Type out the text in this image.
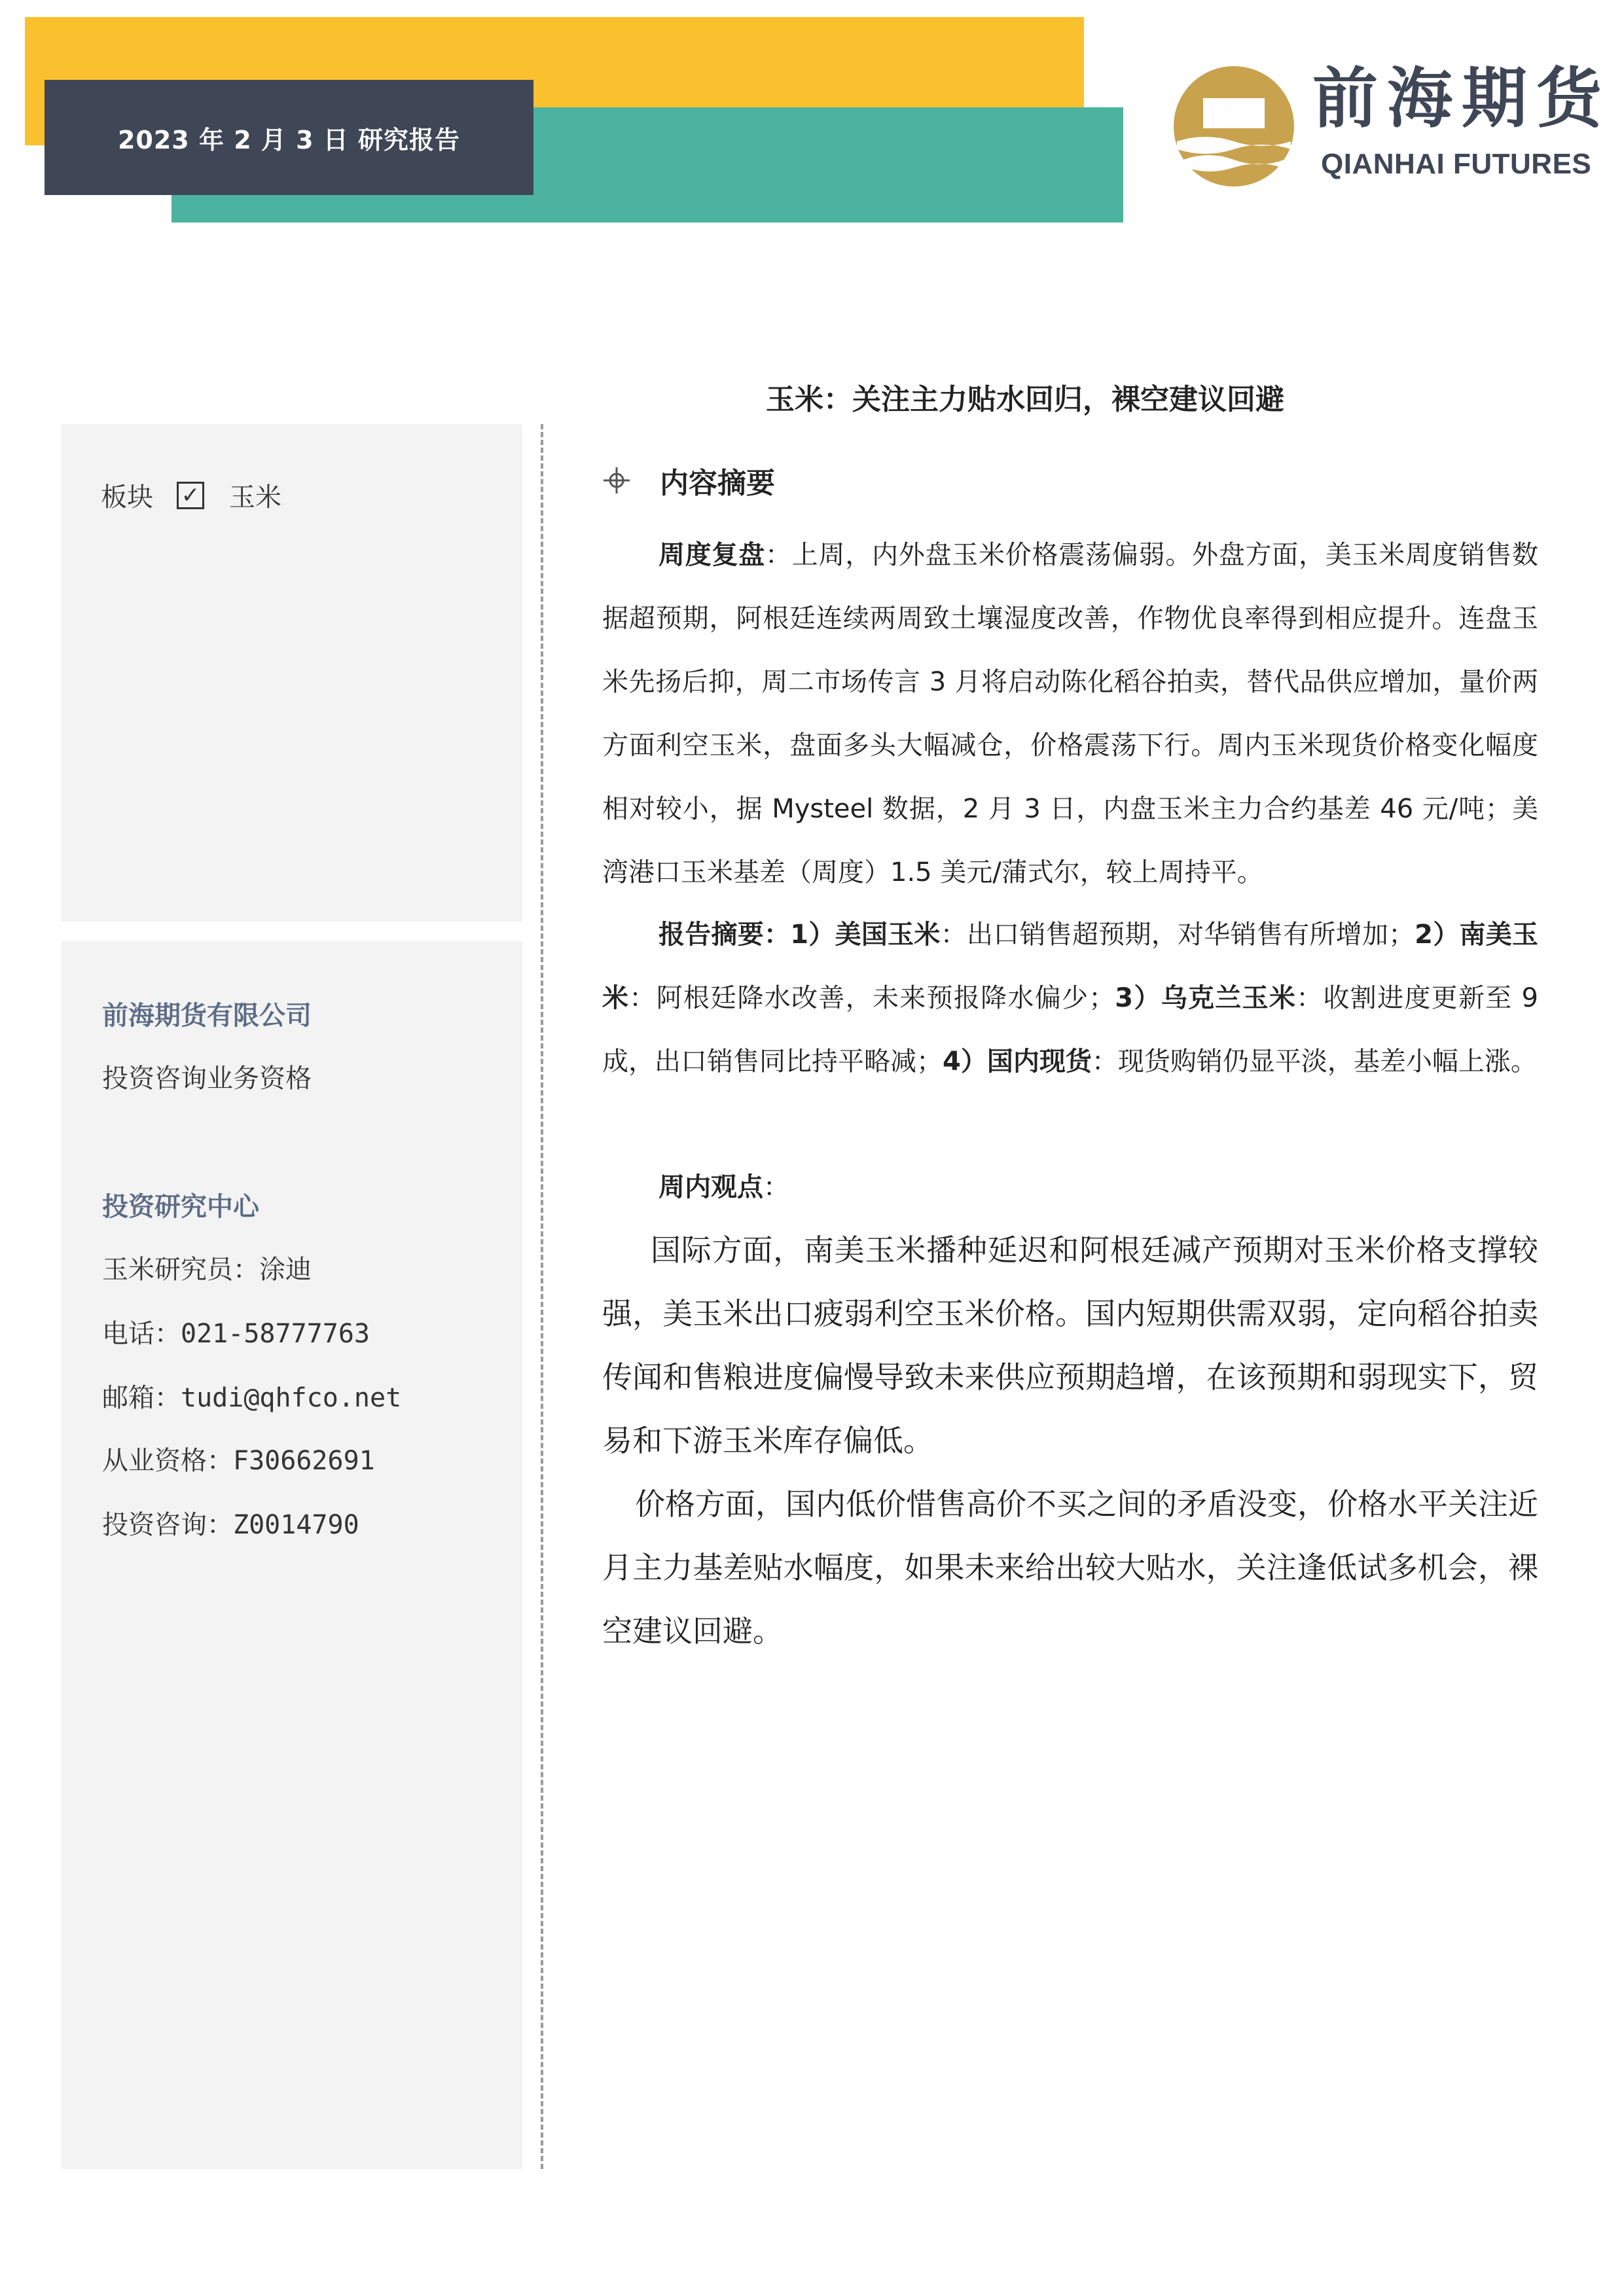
2023 年 2 月 3 日 研究报告
前海期货
QIANHAI FUTURES
玉米：关注主力贴水回归，裸空建议回避
板块 ✓ 玉米
前海期货有限公司
投资咨询业务资格
投资研究中心
玉米研究员：涂迪
电话：021-58777763
邮箱：tudi@qhfco.net
从业资格：F30662691
投资咨询：Z0014790
内容摘要

周度复盘：上周，内外盘玉米价格震荡偏弱。外盘方面，美玉米周度销售数据超预期，阿根廷连续两周致土壤湿度改善，作物优良率得到相应提升。连盘玉米先扬后抑，周二市场传言 3 月将启动陈化稻谷拍卖，替代品供应增加，量价两方面利空玉米，盘面多头大幅减仓，价格震荡下行。周内玉米现货价格变化幅度相对较小，据 Mysteel 数据，2 月 3 日，内盘玉米主力合约基差 46 元/吨；美湾港口玉米基差（周度）1.5 美元/蒲式尔，较上周持平。

报告摘要：1）美国玉米：出口销售超预期，对华销售有所增加；2）南美玉米：阿根廷降水改善，未来预报降水偏少；3）乌克兰玉米：收割进度更新至 9 成，出口销售同比持平略减；4）国内现货：现货购销仍显平淡，基差小幅上涨。

周内观点：

国际方面，南美玉米播种延迟和阿根廷减产预期对玉米价格支撑较强，美玉米出口疲弱利空玉米价格。国内短期供需双弱，定向稻谷拍卖传闻和售粮进度偏慢导致未来供应预期趋增，在该预期和弱现实下，贸易和下游玉米库存偏低。

价格方面，国内低价惜售高价不买之间的矛盾没变，价格水平关注近月主力基差贴水幅度，如果未来给出较大贴水，关注逢低试多机会，裸空建议回避。
